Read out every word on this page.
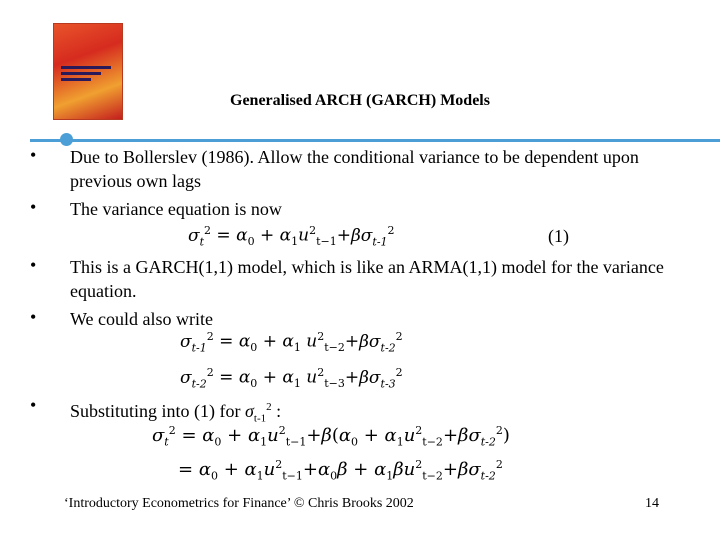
Generalised ARCH (GARCH) Models
• Due to Bollerslev (1986). Allow the conditional variance to be dependent upon previous own lags
• The variance equation is now
$\sigma_t^2 = \alpha_0 + \alpha_1u^2_{t-1}+\beta\sigma_{t-1}^2$	(1)
• This is a GARCH(1,1) model, which is like an ARMA(1,1) model for the variance equation.
• We could also write
$\sigma_{t-1}^2 = \alpha_0 + \alpha_1$ $u^2_{t-2}+\beta\sigma_{t-2}^2$
$\sigma_{t-2}^2 = \alpha_0 + \alpha_1$ $u^2_{t-3}+\beta\sigma_{t-3}^2$
• Substituting into (1) for $\sigma_{t-1}^2$ :
$\sigma_t^2 = \alpha_0 + \alpha_1u^2_{t-1}+\beta(\alpha_0 + \alpha_1u^2_{t-2}+\beta\sigma_{t-2}^2)$
= $\alpha_0 + \alpha_1u^2_{t-1}+\alpha_0\beta + \alpha_1\beta u^2_{t-2}+\beta\sigma_{t-2}^2$
‘Introductory Econometrics for Finance’ © Chris Brooks 2002	14
